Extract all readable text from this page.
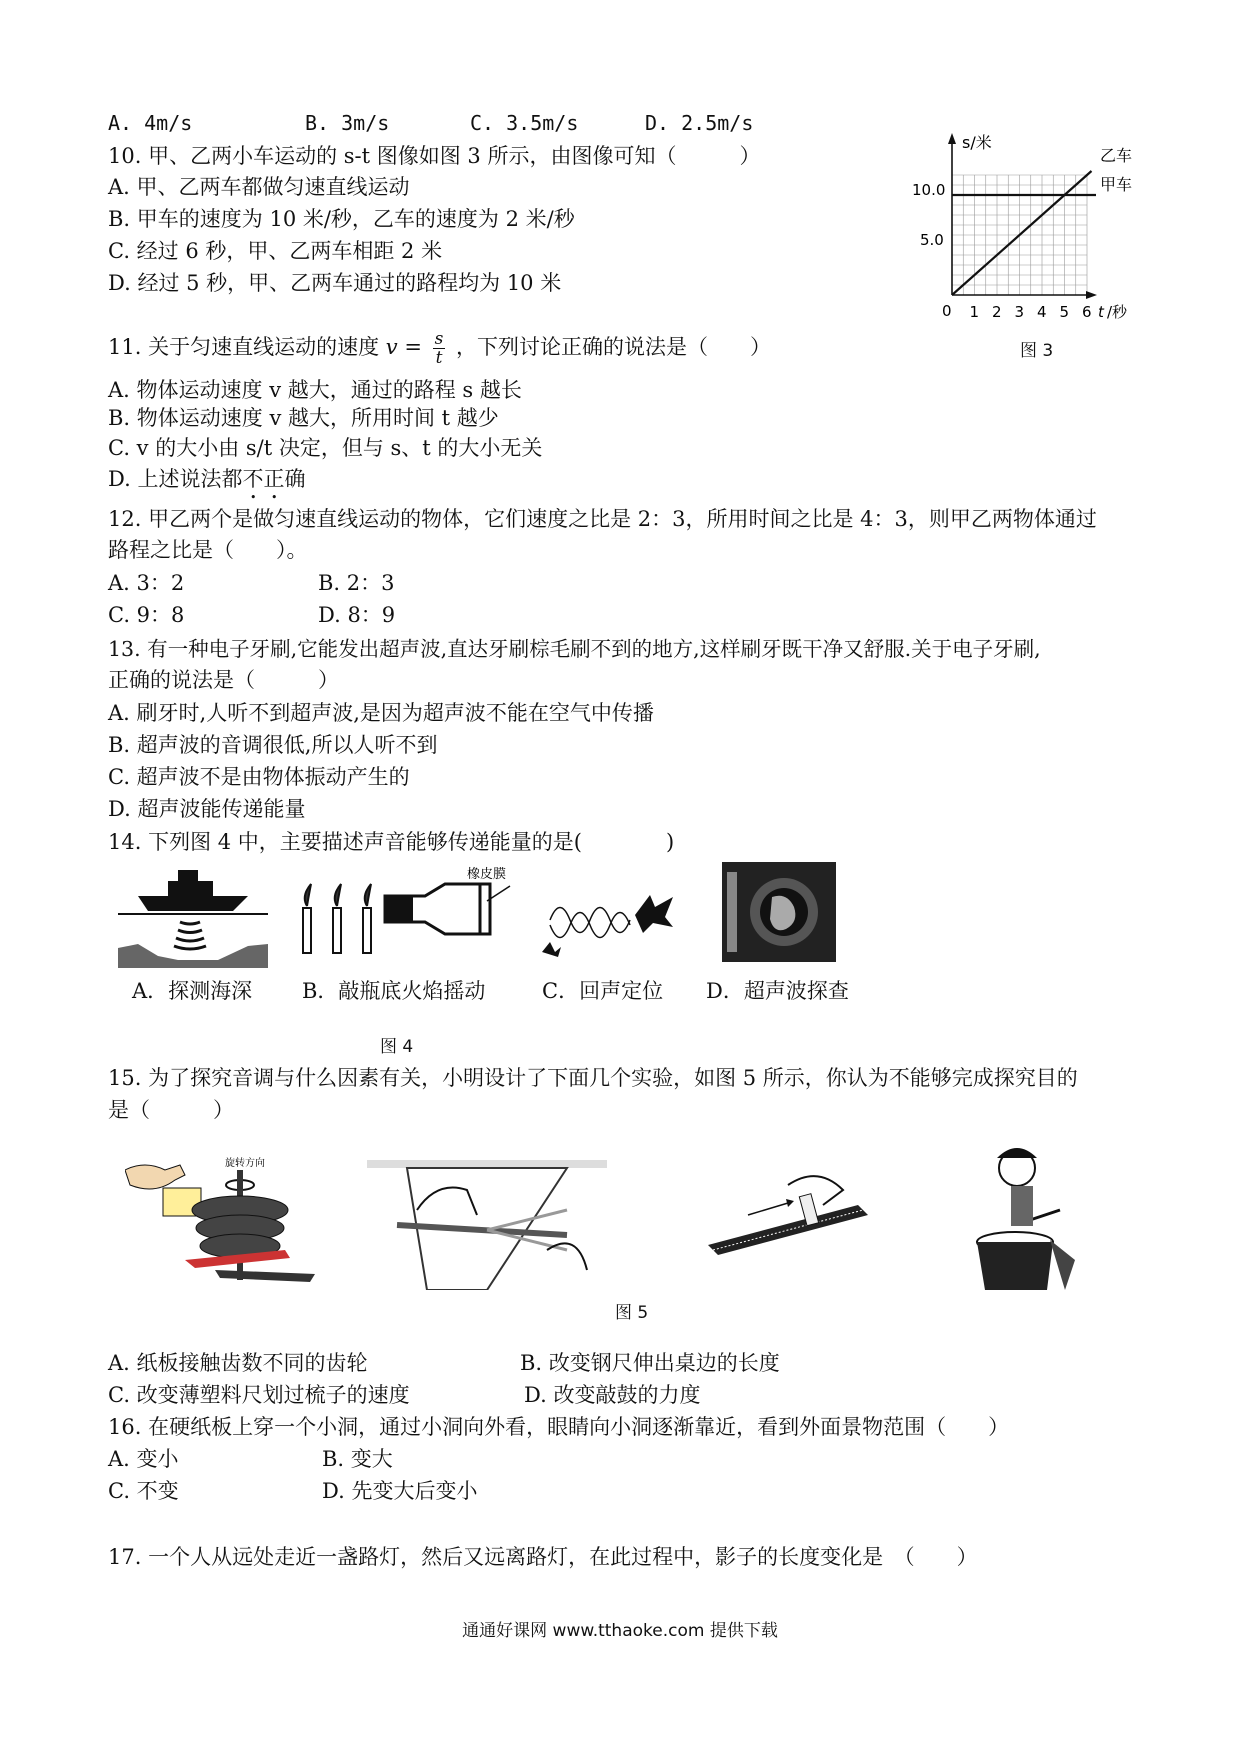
A. 4m/s	B. 3m/s	C. 3.5m/s	D. 2.5m/s
10. 甲、乙两小车运动的 s-t 图像如图 3 所示，由图像可知（　　　）
A. 甲、乙两车都做匀速直线运动
B. 甲车的速度为 10 米/秒，乙车的速度为 2 米/秒
C. 经过 6 秒，甲、乙两车相距 2 米
D. 经过 5 秒，甲、乙两车通过的路程均为 10 米
s/米
10.0
5.0
0 1 2 3 4 5 6 t /秒
乙车
甲车
图 3
11. 关于匀速直线运动的速度 $v = \frac{s}{t}$ ，下列讨论正确的说法是（　　）
A. 物体运动速度 v 越大，通过的路程 s 越长
B. 物体运动速度 v 越大，所用时间 t 越少
C. v 的大小由 s/t 决定，但与 s、t 的大小无关
D. 上述说法都不正确
12. 甲乙两个是做匀速直线运动的物体，它们速度之比是 2：3，所用时间之比是 4：3，则甲乙两物体通过
路程之比是（　　）。
A. 3：2	B. 2：3
C. 9：8	D. 8：9
13. 有一种电子牙刷,它能发出超声波,直达牙刷棕毛刷不到的地方,这样刷牙既干净又舒服.关于电子牙刷,
正确的说法是（　　　）
A. 刷牙时,人听不到超声波,是因为超声波不能在空气中传播
B. 超声波的音调很低,所以人听不到
C. 超声波不是由物体振动产生的
D. 超声波能传递能量
14. 下列图 4 中，主要描述声音能够传递能量的是(　　　　)
橡皮膜
A．探测海深 B．敲瓶底火焰摇动	C．回声定位 D．超声波探查
图 4
15. 为了探究音调与什么因素有关，小明设计了下面几个实验，如图 5 所示，你认为不能够完成探究目的
是（　　　）
旋转方向
图 5
A. 纸板接触齿数不同的齿轮	B. 改变钢尺伸出桌边的长度
C. 改变薄塑料尺划过梳子的速度	D. 改变敲鼓的力度
16. 在硬纸板上穿一个小洞，通过小洞向外看，眼睛向小洞逐渐靠近，看到外面景物范围（　　）
A. 变小	B. 变大
C. 不变	D. 先变大后变小
17. 一个人从远处走近一盏路灯，然后又远离路灯，在此过程中，影子的长度变化是　（　　）
通通好课网 www.tthaoke.com 提供下载
